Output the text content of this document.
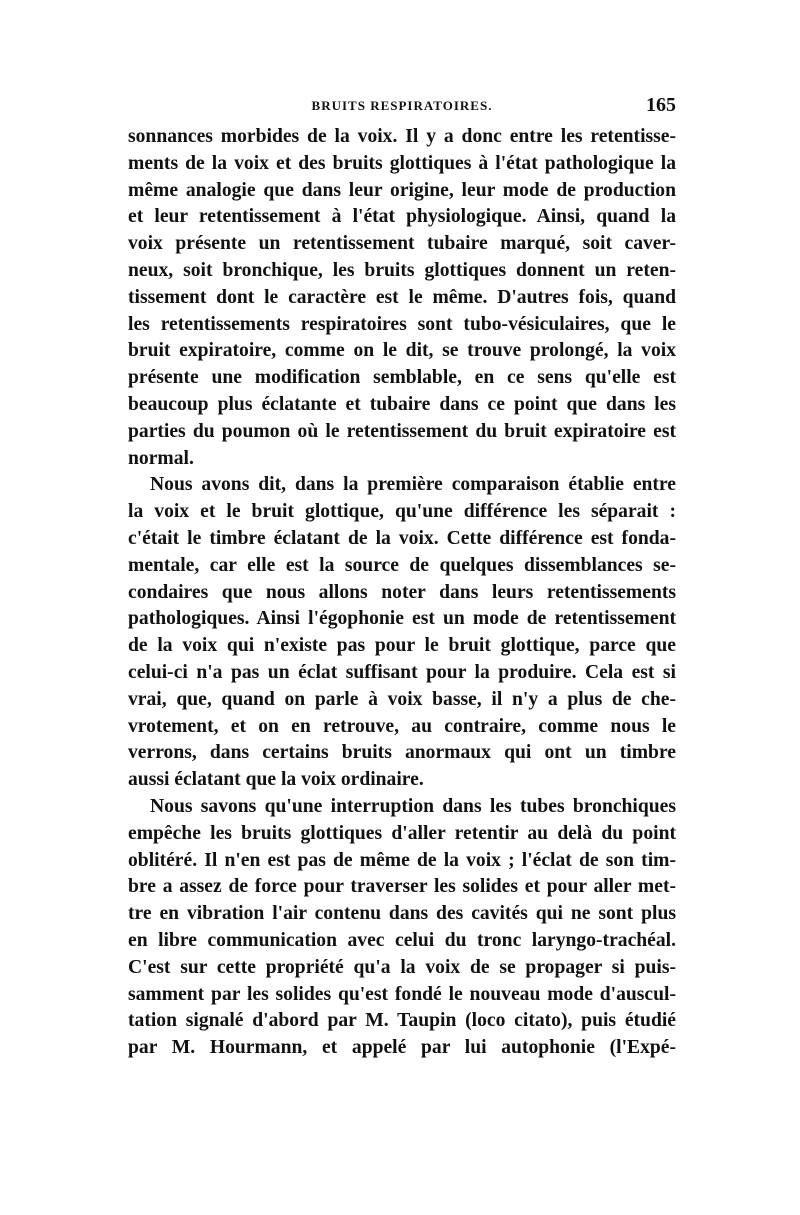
BRUITS RESPIRATOIRES.	165

sonnances morbides de la voix. Il y a donc entre les retentisse-
ments de la voix et des bruits glottiques à l'état pathologique la
même analogie que dans leur origine, leur mode de production
et leur retentissement à l'état physiologique. Ainsi, quand la
voix présente un retentissement tubaire marqué, soit caver-
neux, soit bronchique, les bruits glottiques donnent un reten-
tissement dont le caractère est le même. D'autres fois, quand
les retentissements respiratoires sont tubo-vésiculaires, que le
bruit expiratoire, comme on le dit, se trouve prolongé, la voix
présente une modification semblable, en ce sens qu'elle est
beaucoup plus éclatante et tubaire dans ce point que dans les
parties du poumon où le retentissement du bruit expiratoire est
normal.

Nous avons dit, dans la première comparaison établie entre
la voix et le bruit glottique, qu'une différence les séparait :
c'était le timbre éclatant de la voix. Cette différence est fonda-
mentale, car elle est la source de quelques dissemblances se-
condaires que nous allons noter dans leurs retentissements
pathologiques. Ainsi l'égophonie est un mode de retentissement
de la voix qui n'existe pas pour le bruit glottique, parce que
celui-ci n'a pas un éclat suffisant pour la produire. Cela est si
vrai, que, quand on parle à voix basse, il n'y a plus de che-
vrotement, et on en retrouve, au contraire, comme nous le
verrons, dans certains bruits anormaux qui ont un timbre
aussi éclatant que la voix ordinaire.

Nous savons qu'une interruption dans les tubes bronchiques
empêche les bruits glottiques d'aller retentir au delà du point
oblitéré. Il n'en est pas de même de la voix ; l'éclat de son tim-
bre a assez de force pour traverser les solides et pour aller met-
tre en vibration l'air contenu dans des cavités qui ne sont plus
en libre communication avec celui du tronc laryngo-trachéal.
C'est sur cette propriété qu'a la voix de se propager si puis-
samment par les solides qu'est fondé le nouveau mode d'auscul-
tation signalé d'abord par M. Taupin (loco citato), puis étudié
par M. Hourmann, et appelé par lui autophonie (l'Expé-
